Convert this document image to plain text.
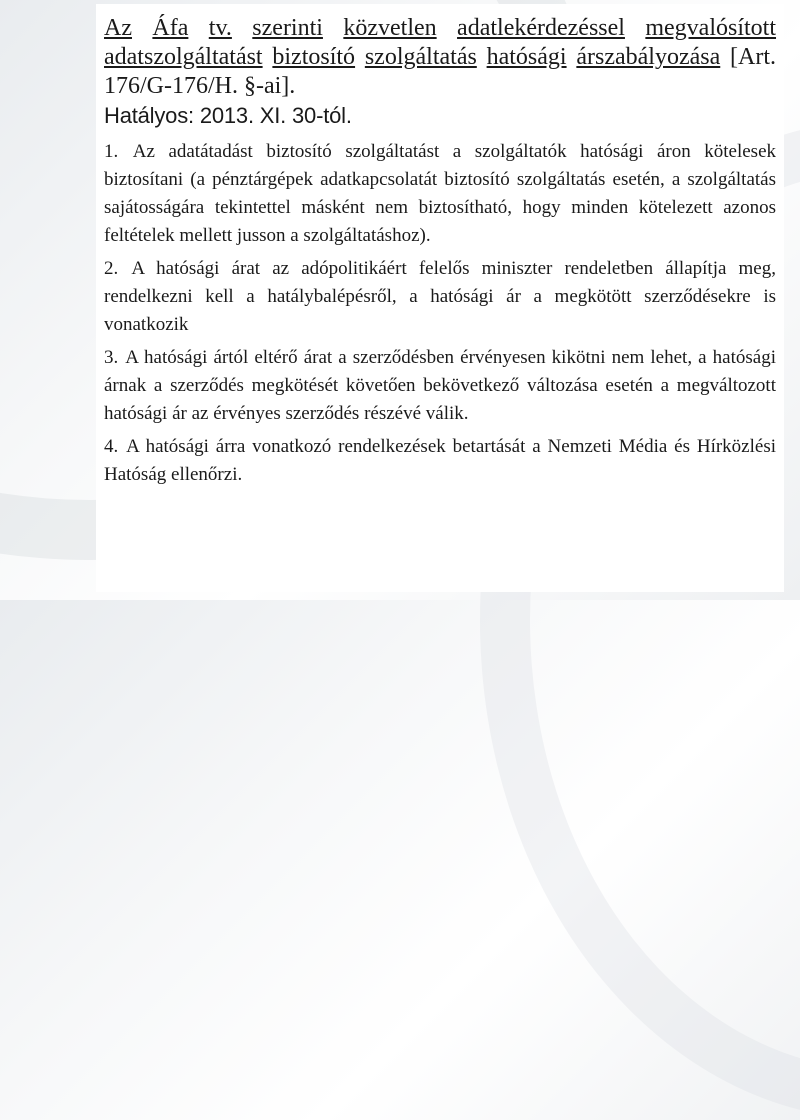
Az Áfa tv. szerinti közvetlen adatlekérdezéssel megvalósított adatszolgáltatást biztosító szolgáltatás hatósági árszabályozása [Art. 176/G-176/H. §-ai].
Hatályos: 2013. XI. 30-tól.

1. Az adatátadást biztosító szolgáltatást a szolgáltatók hatósági áron kötelesek biztosítani (a pénztárgépek adatkapcsolatát biztosító szolgáltatás esetén, a szolgáltatás sajátosságára tekintettel másként nem biztosítható, hogy minden kötelezett azonos feltételek mellett jusson a szolgáltatáshoz).

2. A hatósági árat az adópolitikáért felelős miniszter rendeletben állapítja meg, rendelkezni kell a hatálybalépésről, a hatósági ár a megkötött szerződésekre is vonatkozik

3. A hatósági ártól eltérő árat a szerződésben érvényesen kikötni nem lehet, a hatósági árnak a szerződés megkötését követően bekövetkező változása esetén a megváltozott hatósági ár az érvényes szerződés részévé válik.

4. A hatósági árra vonatkozó rendelkezések betartását a Nemzeti Média és Hírközlési Hatóság ellenőrzi.
